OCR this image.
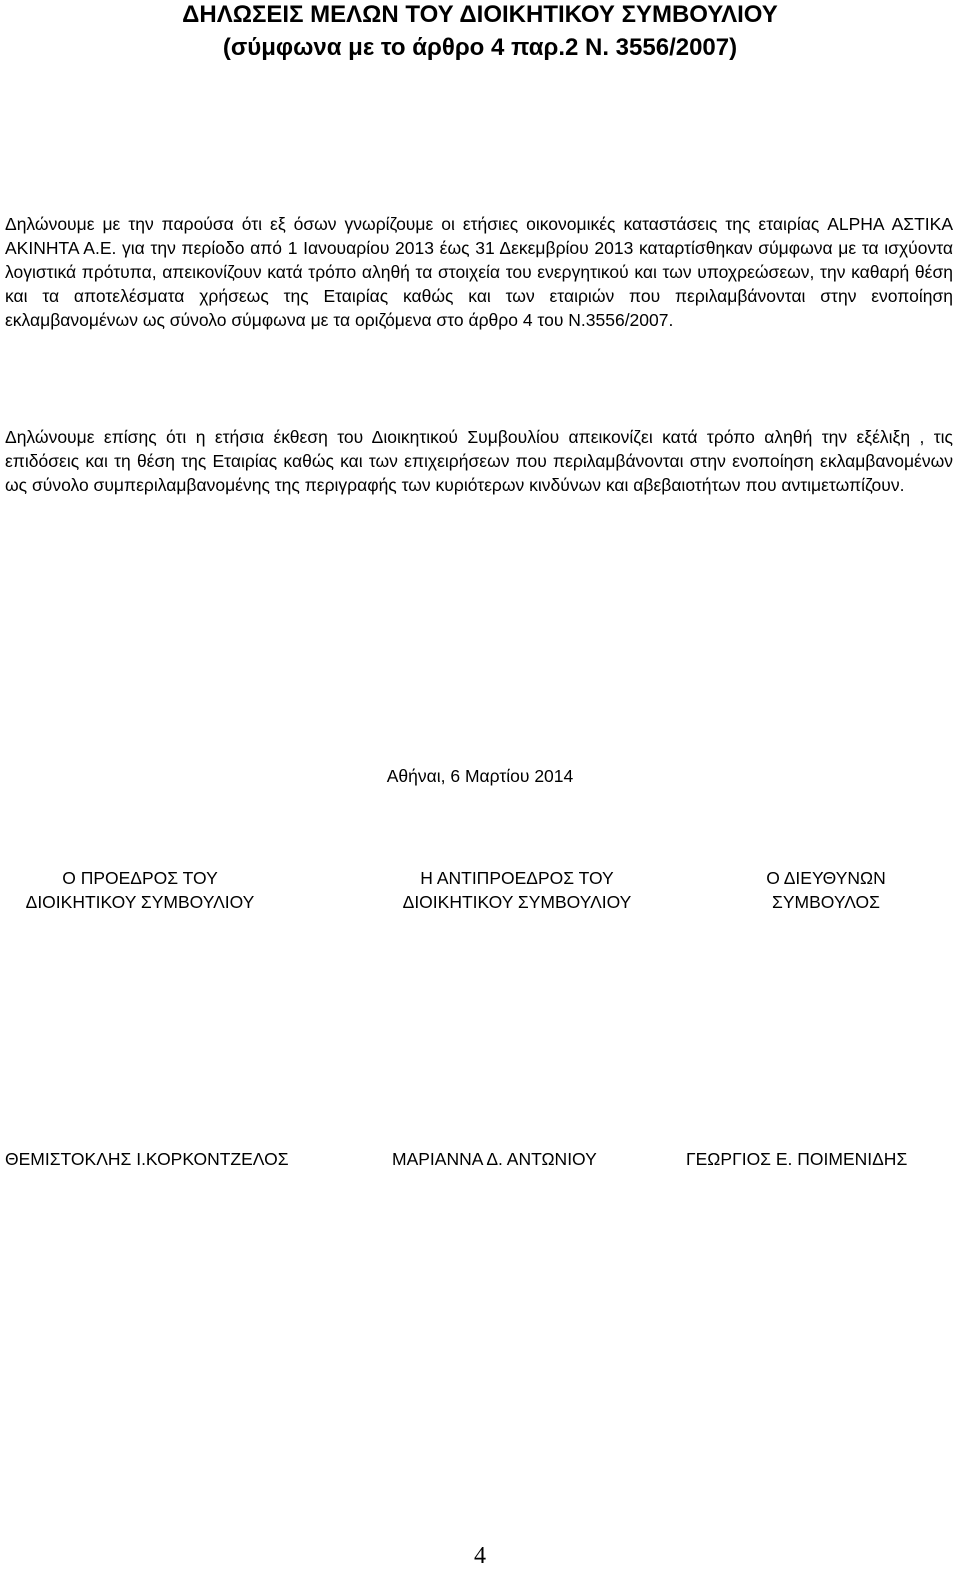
ΔΗΛΩΣΕΙΣ ΜΕΛΩΝ ΤΟΥ ΔΙΟΙΚΗΤΙΚΟΥ ΣΥΜΒΟΥΛΙΟΥ
(σύμφωνα με το άρθρο 4 παρ.2 Ν. 3556/2007)

Δηλώνουμε με την παρούσα ότι εξ όσων γνωρίζουμε οι ετήσιες οικονομικές καταστάσεις της εταιρίας ALPHA ΑΣΤΙΚΑ ΑΚΙΝΗΤΑ Α.Ε. για την περίοδο από 1 Ιανουαρίου 2013 έως 31 Δεκεμβρίου 2013 καταρτίσθηκαν σύμφωνα με τα ισχύοντα λογιστικά πρότυπα, απεικονίζουν κατά τρόπο αληθή τα στοιχεία του ενεργητικού και των υποχρεώσεων, την καθαρή θέση και τα αποτελέσματα χρήσεως της Εταιρίας καθώς και των εταιριών που περιλαμβάνονται στην ενοποίηση εκλαμβανομένων ως σύνολο σύμφωνα με τα οριζόμενα στο άρθρο 4 του Ν.3556/2007.

Δηλώνουμε επίσης ότι η ετήσια έκθεση του Διοικητικού Συμβουλίου απεικονίζει κατά τρόπο αληθή την εξέλιξη , τις επιδόσεις και τη θέση της Εταιρίας καθώς και των επιχειρήσεων που περιλαμβάνονται στην ενοποίηση εκλαμβανομένων ως σύνολο συμπεριλαμβανομένης της περιγραφής των κυριότερων κινδύνων και αβεβαιοτήτων που αντιμετωπίζουν.

Αθήναι, 6 Μαρτίου 2014
Ο ΠΡΟΕΔΡΟΣ ΤΟΥ
ΔΙΟΙΚΗΤΙΚΟΥ ΣΥΜΒΟΥΛΙΟΥ
Η ΑΝΤΙΠΡΟΕΔΡΟΣ ΤΟΥ
ΔΙΟΙΚΗΤΙΚΟΥ ΣΥΜΒΟΥΛΙΟΥ
Ο ΔΙΕΥΘΥΝΩΝ
ΣΥΜΒΟΥΛΟΣ
ΘΕΜΙΣΤΟΚΛΗΣ Ι.ΚΟΡΚΟΝΤΖΕΛΟΣ	ΜΑΡΙΑΝΝΑ Δ. ΑΝΤΩΝΙΟΥ	ΓΕΩΡΓΙΟΣ Ε. ΠΟΙΜΕΝΙΔΗΣ
4
